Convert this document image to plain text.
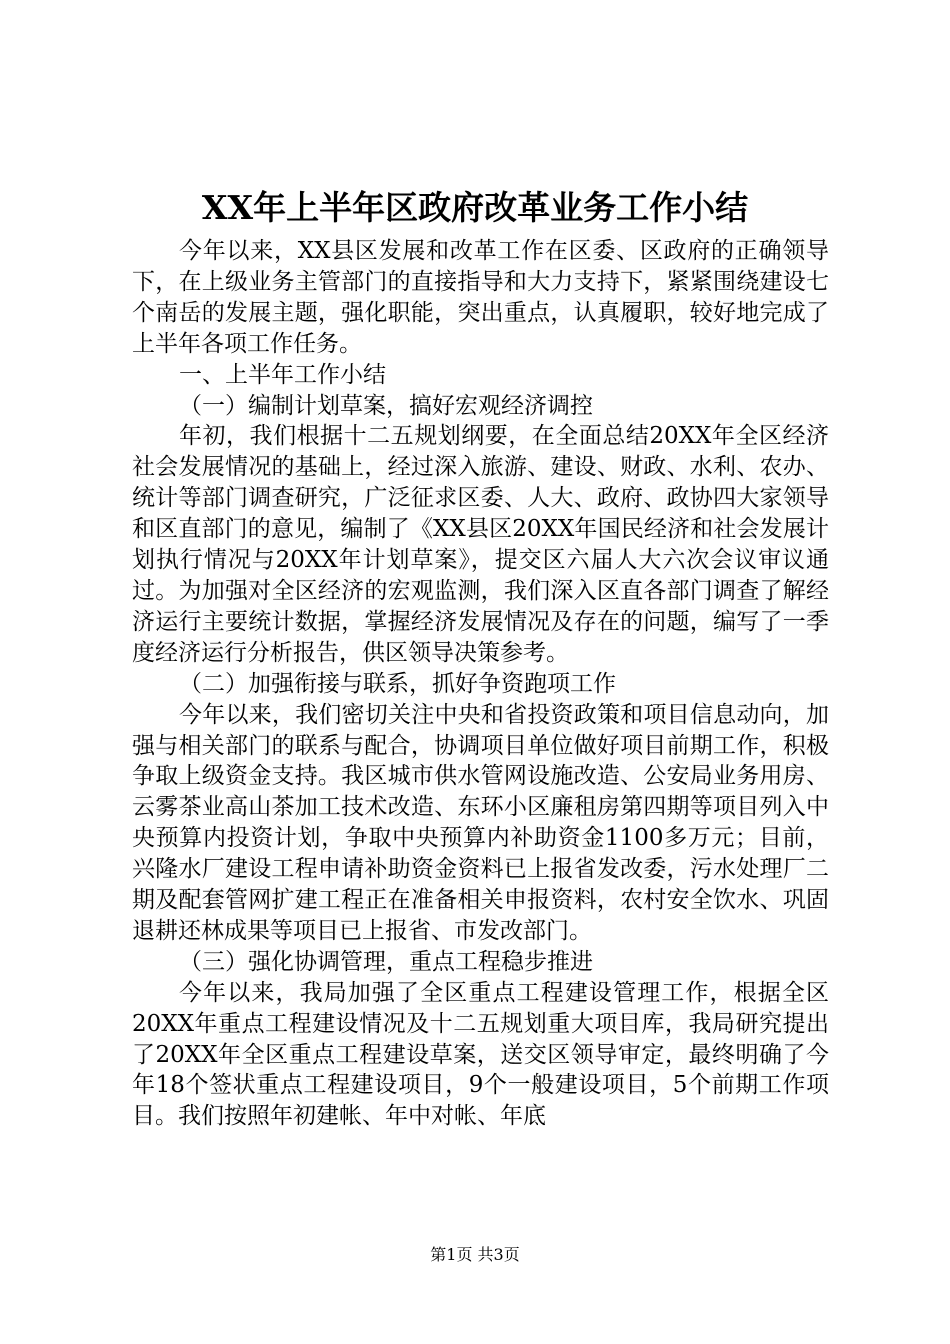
XX年上半年区政府改革业务工作小结

今年以来，XX县区发展和改革工作在区委、区政府的正确领导下，在上级业务主管部门的直接指导和大力支持下，紧紧围绕建设七个南岳的发展主题，强化职能，突出重点，认真履职，较好地完成了上半年各项工作任务。

一、上半年工作小结

（一）编制计划草案，搞好宏观经济调控

年初，我们根据十二五规划纲要，在全面总结20XX年全区经济社会发展情况的基础上，经过深入旅游、建设、财政、水利、农办、统计等部门调查研究，广泛征求区委、人大、政府、政协四大家领导和区直部门的意见，编制了《XX县区20XX年国民经济和社会发展计划执行情况与20XX年计划草案》，提交区六届人大六次会议审议通过。为加强对全区经济的宏观监测，我们深入区直各部门调查了解经济运行主要统计数据，掌握经济发展情况及存在的问题，编写了一季度经济运行分析报告，供区领导决策参考。

（二）加强衔接与联系，抓好争资跑项工作

今年以来，我们密切关注中央和省投资政策和项目信息动向，加强与相关部门的联系与配合，协调项目单位做好项目前期工作，积极争取上级资金支持。我区城市供水管网设施改造、公安局业务用房、云雾茶业高山茶加工技术改造、东环小区廉租房第四期等项目列入中央预算内投资计划，争取中央预算内补助资金1100多万元；目前，兴隆水厂建设工程申请补助资金资料已上报省发改委，污水处理厂二期及配套管网扩建工程正在准备相关申报资料，农村安全饮水、巩固退耕还林成果等项目已上报省、市发改部门。

（三）强化协调管理，重点工程稳步推进

今年以来，我局加强了全区重点工程建设管理工作，根据全区20XX年重点工程建设情况及十二五规划重大项目库，我局研究提出了20XX年全区重点工程建设草案，送交区领导审定，最终明确了今年18个签状重点工程建设项目，9个一般建设项目，5个前期工作项目。我们按照年初建帐、年中对帐、年底

第1页 共3页
